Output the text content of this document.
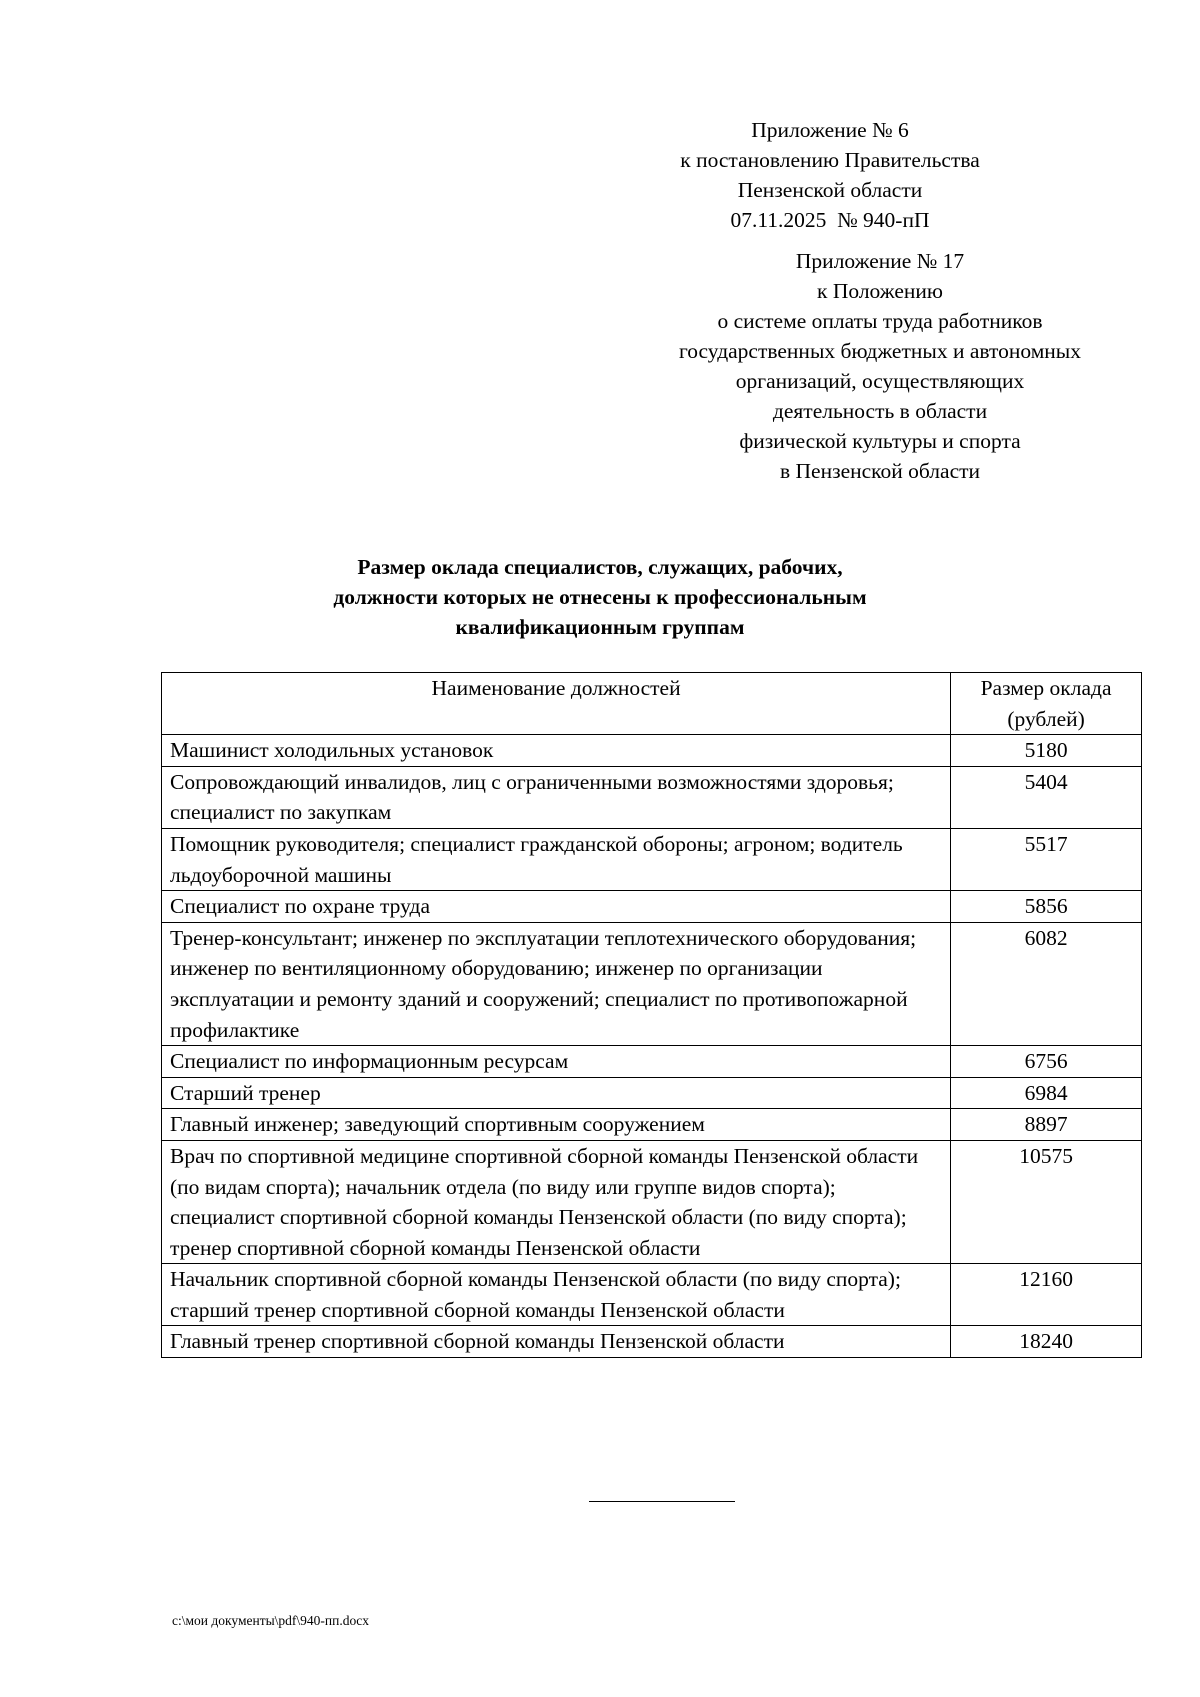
Приложение № 6
к постановлению Правительства
Пензенской области
07.11.2025  № 940-пП
Приложение № 17
к Положению
о системе оплаты труда работников
государственных бюджетных и автономных
организаций, осуществляющих
деятельность в области
физической культуры и спорта
в Пензенской области
Размер оклада специалистов, служащих, рабочих,
должности которых не отнесены к профессиональным
квалификационным группам
Наименование должностей	Размер оклада (рублей)
Машинист холодильных установок	5180
Сопровождающий инвалидов, лиц с ограниченными возможностями здоровья; специалист по закупкам	5404
Помощник руководителя; специалист гражданской обороны; агроном; водитель льдоуборочной машины	5517
Специалист по охране труда	5856
Тренер-консультант; инженер по эксплуатации теплотехнического оборудования; инженер по вентиляционному оборудованию; инженер по организации эксплуатации и ремонту зданий и сооружений; специалист по противопожарной профилактике	6082
Специалист по информационным ресурсам	6756
Старший тренер	6984
Главный инженер; заведующий спортивным сооружением	8897
Врач по спортивной медицине спортивной сборной команды Пензенской области (по видам спорта); начальник отдела (по виду или группе видов спорта); специалист спортивной сборной команды Пензенской области (по виду спорта); тренер спортивной сборной команды Пензенской области	10575
Начальник спортивной сборной команды Пензенской области (по виду спорта); старший тренер спортивной сборной команды Пензенской области	12160
Главный тренер спортивной сборной команды Пензенской области	18240
c:\мои документы\pdf\940-пп.docx
